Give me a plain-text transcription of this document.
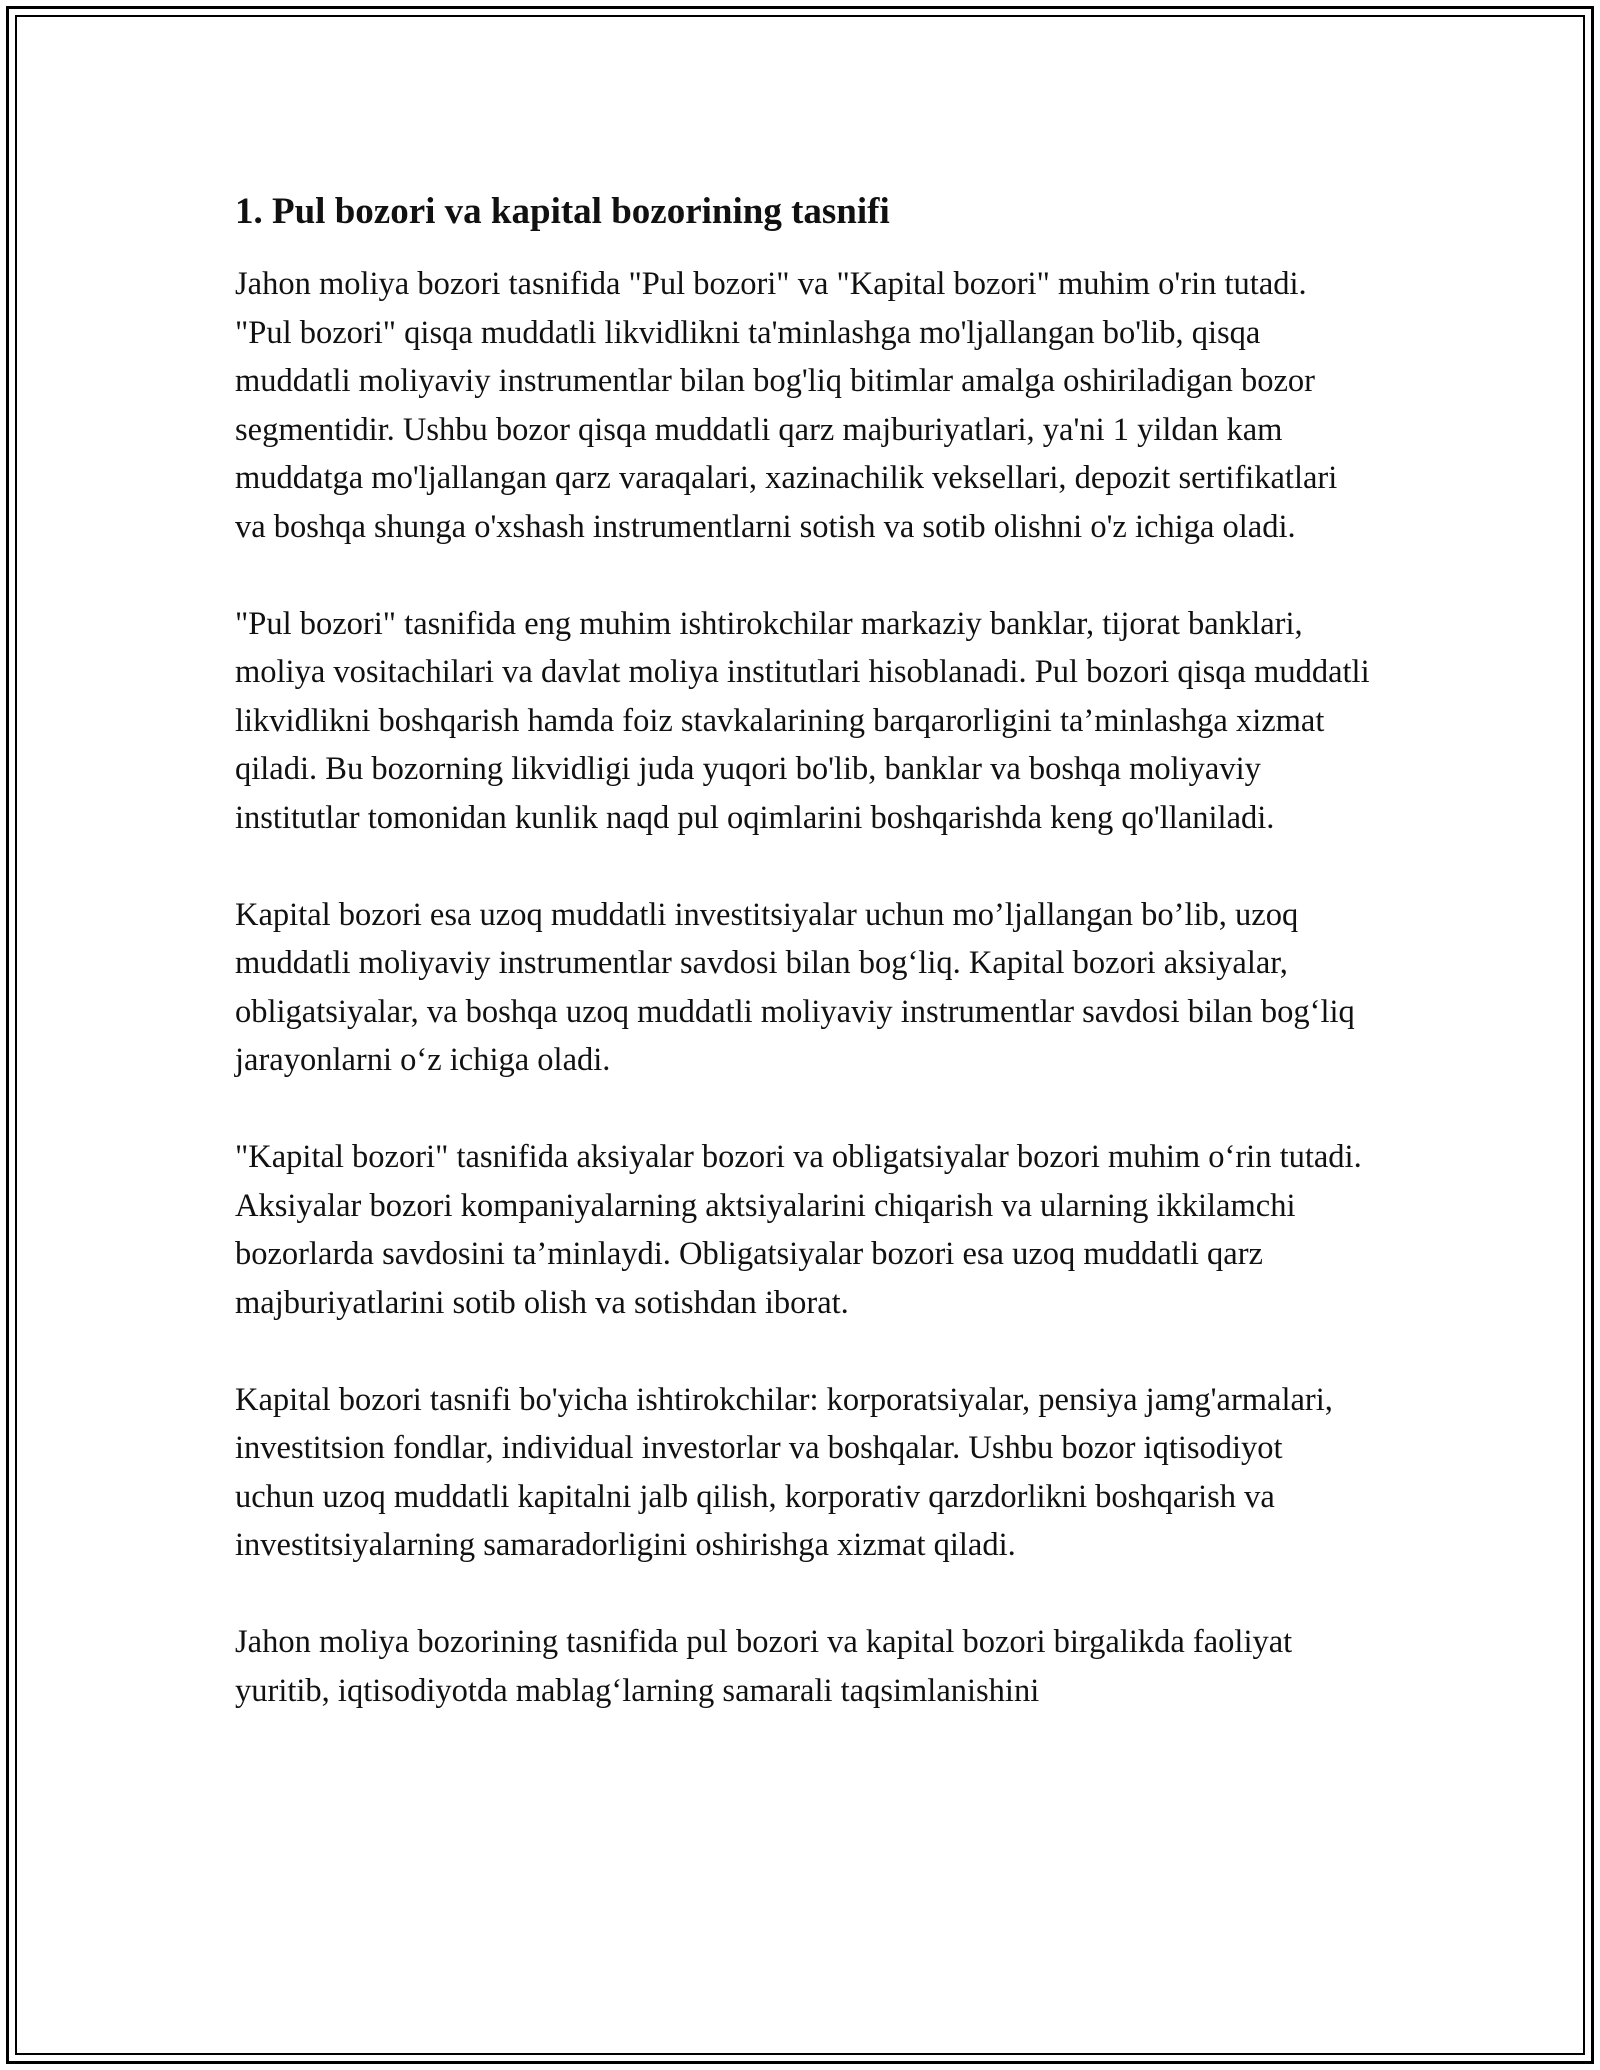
1. Pul bozori va kapital bozorining tasnifi

Jahon moliya bozori tasnifida "Pul bozori" va "Kapital bozori" muhim o'rin tutadi. "Pul bozori" qisqa muddatli likvidlikni ta'minlashga mo'ljallangan bo'lib, qisqa muddatli moliyaviy instrumentlar bilan bog'liq bitimlar amalga oshiriladigan bozor segmentidir. Ushbu bozor qisqa muddatli qarz majburiyatlari, ya'ni 1 yildan kam muddatga mo'ljallangan qarz varaqalari, xazinachilik veksellari, depozit sertifikatlari va boshqa shunga o'xshash instrumentlarni sotish va sotib olishni o'z ichiga oladi.

"Pul bozori" tasnifida eng muhim ishtirokchilar markaziy banklar, tijorat banklari, moliya vositachilari va davlat moliya institutlari hisoblanadi. Pul bozori qisqa muddatli likvidlikni boshqarish hamda foiz stavkalarining barqarorligini ta’minlashga xizmat qiladi. Bu bozorning likvidligi juda yuqori bo'lib, banklar va boshqa moliyaviy institutlar tomonidan kunlik naqd pul oqimlarini boshqarishda keng qo'llaniladi.

Kapital bozori esa uzoq muddatli investitsiyalar uchun mo’ljallangan bo’lib, uzoq muddatli moliyaviy instrumentlar savdosi bilan bog‘liq. Kapital bozori aksiyalar, obligatsiyalar, va boshqa uzoq muddatli moliyaviy instrumentlar savdosi bilan bog‘liq jarayonlarni o‘z ichiga oladi.

"Kapital bozori" tasnifida aksiyalar bozori va obligatsiyalar bozori muhim o‘rin tutadi. Aksiyalar bozori kompaniyalarning aktsiyalarini chiqarish va ularning ikkilamchi bozorlarda savdosini ta’minlaydi. Obligatsiyalar bozori esa uzoq muddatli qarz majburiyatlarini sotib olish va sotishdan iborat.

Kapital bozori tasnifi bo'yicha ishtirokchilar: korporatsiyalar, pensiya jamg'armalari, investitsion fondlar, individual investorlar va boshqalar. Ushbu bozor iqtisodiyot uchun uzoq muddatli kapitalni jalb qilish, korporativ qarzdorlikni boshqarish va investitsiyalarning samaradorligini oshirishga xizmat qiladi.

Jahon moliya bozorining tasnifida pul bozori va kapital bozori birgalikda faoliyat yuritib, iqtisodiyotda mablag‘larning samarali taqsimlanishini
